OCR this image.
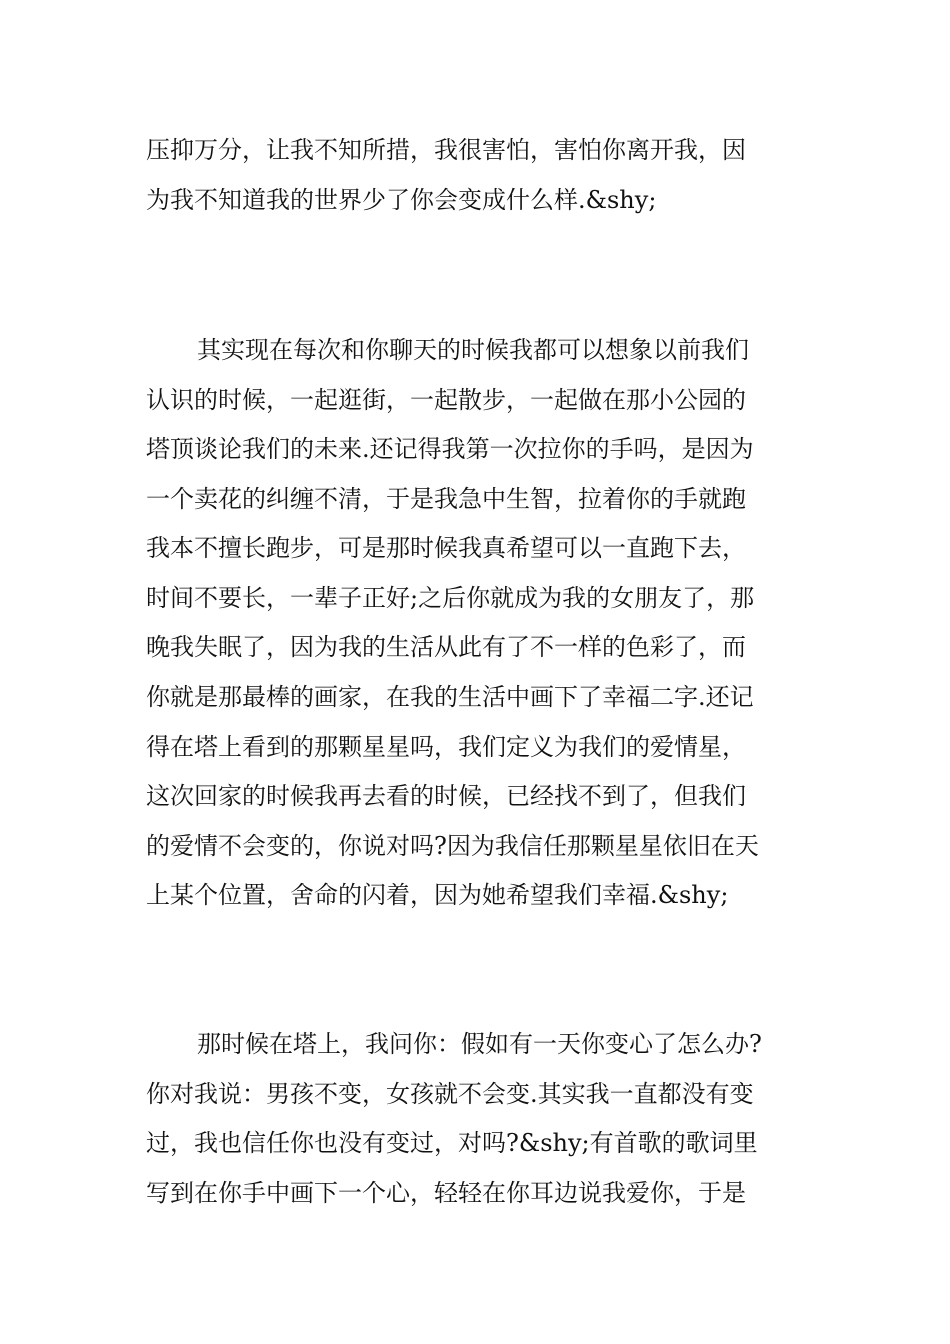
压抑万分，让我不知所措，我很害怕，害怕你离开我，因
为我不知道我的世界少了你会变成什么样.&shy;
其实现在每次和你聊天的时候我都可以想象以前我们
认识的时候，一起逛街，一起散步，一起做在那小公园的
塔顶谈论我们的未来.还记得我第一次拉你的手吗，是因为
一个卖花的纠缠不清，于是我急中生智，拉着你的手就跑
我本不擅长跑步，可是那时候我真希望可以一直跑下去，
时间不要长，一辈子正好;之后你就成为我的女朋友了，那
晚我失眠了，因为我的生活从此有了不一样的色彩了，而
你就是那最棒的画家，在我的生活中画下了幸福二字.还记
得在塔上看到的那颗星星吗，我们定义为我们的爱情星，
这次回家的时候我再去看的时候，已经找不到了，但我们
的爱情不会变的，你说对吗?因为我信任那颗星星依旧在天
上某个位置，舍命的闪着，因为她希望我们幸福.&shy;
那时候在塔上，我问你：假如有一天你变心了怎么办?
你对我说：男孩不变，女孩就不会变.其实我一直都没有变
过，我也信任你也没有变过，对吗?&shy;有首歌的歌词里
写到在你手中画下一个心，轻轻在你耳边说我爱你，于是
